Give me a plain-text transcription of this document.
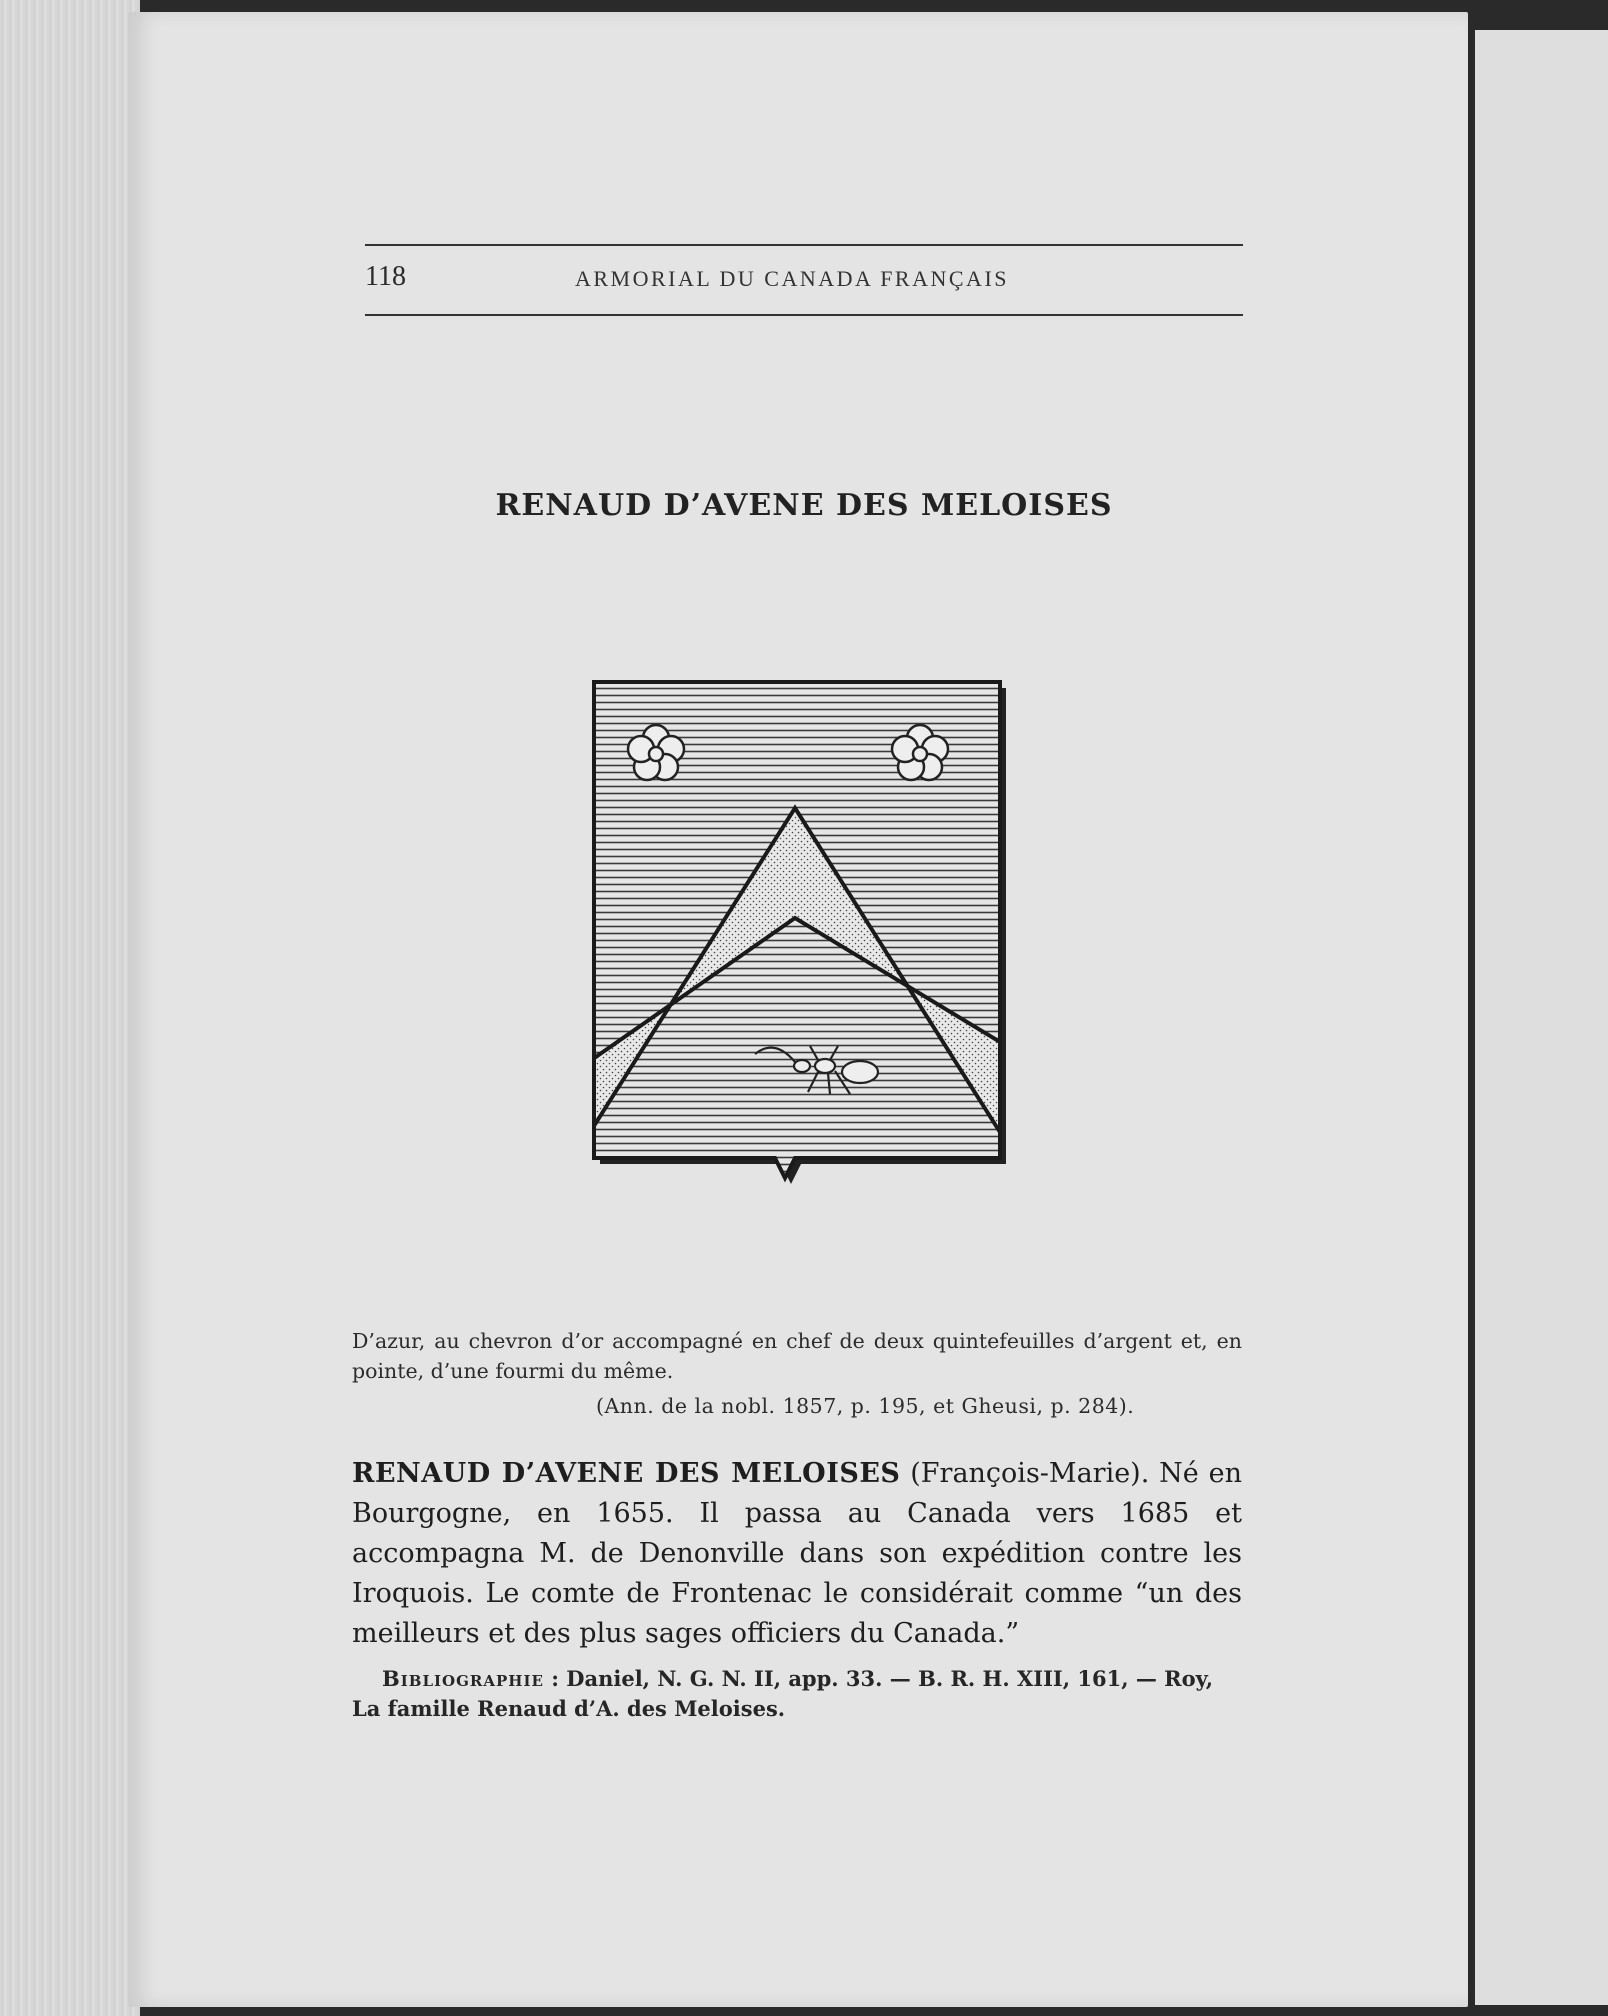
118	ARMORIAL DU CANADA FRANÇAIS
RENAUD D’AVENE DES MELOISES

D’azur, au chevron d’or accompagné en chef de deux quintefeuilles d’argent et, en pointe, d’une fourmi du même.

(Ann. de la nobl. 1857, p. 195, et Gheusi, p. 284).
RENAUD D’AVENE DES MELOISES (François-Marie). Né en Bourgogne, en 1655. Il passa au Canada vers 1685 et accompagna M. de Denonville dans son expédition contre les Iroquois. Le comte de Frontenac le considérait comme “un des meilleurs et des plus sages officiers du Canada.”
Bibliographie : Daniel, N. G. N. II, app. 33. — B. R. H. XIII, 161, — Roy, La famille Renaud d’A. des Meloises.
